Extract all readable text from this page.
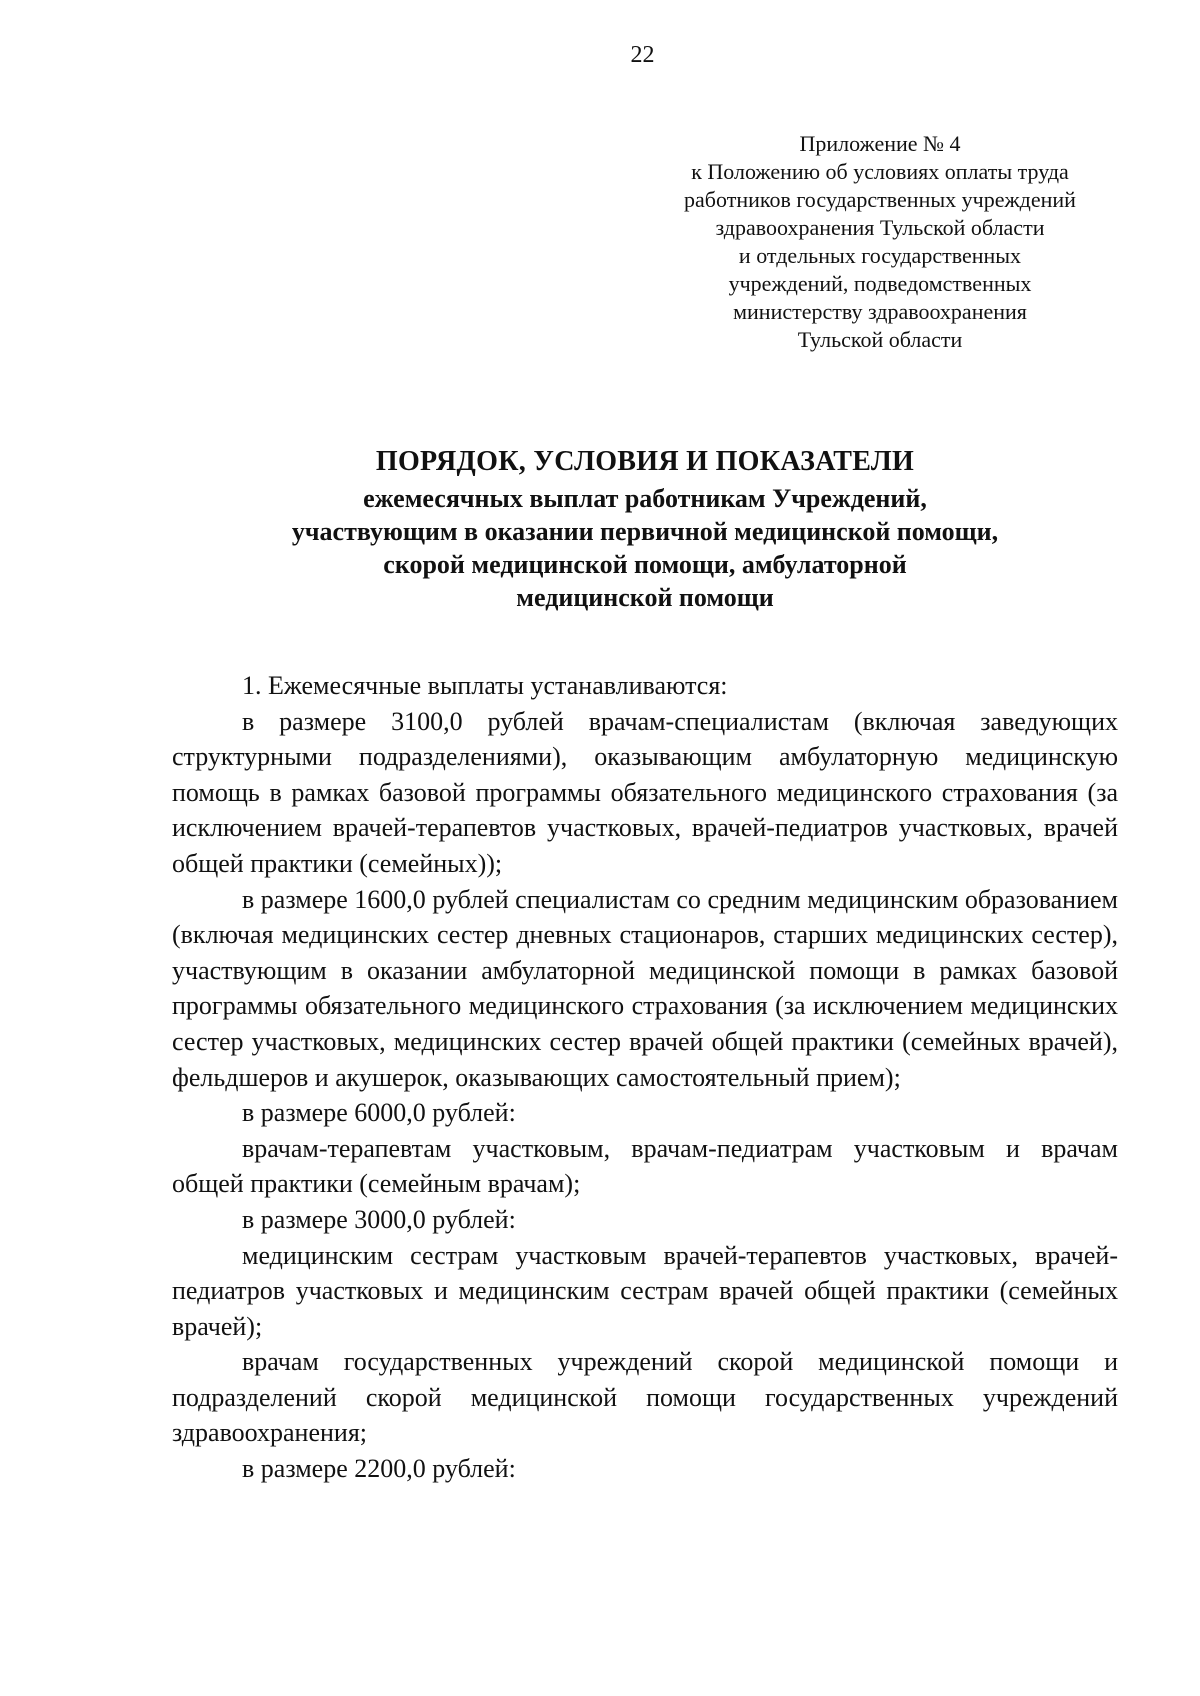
22
Приложение № 4
к Положению об условиях оплаты труда
работников государственных учреждений
здравоохранения Тульской области
и отдельных государственных
учреждений, подведомственных
министерству здравоохранения
Тульской области
ПОРЯДОК, УСЛОВИЯ И ПОКАЗАТЕЛИ
ежемесячных выплат работникам Учреждений,
участвующим в оказании первичной медицинской помощи,
скорой медицинской помощи, амбулаторной
медицинской помощи

1. Ежемесячные выплаты устанавливаются:

в размере 3100,0 рублей врачам-специалистам (включая заведующих структурными подразделениями), оказывающим амбулаторную медицинскую помощь в рамках базовой программы обязательного медицинского страхования (за исключением врачей-терапевтов участковых, врачей-педиатров участковых, врачей общей практики (семейных));

в размере 1600,0 рублей специалистам со средним медицинским образованием (включая медицинских сестер дневных стационаров, старших медицинских сестер), участвующим в оказании амбулаторной медицинской помощи в рамках базовой программы обязательного медицинского страхования (за исключением медицинских сестер участковых, медицинских сестер врачей общей практики (семейных врачей), фельдшеров и акушерок, оказывающих самостоятельный прием);

в размере 6000,0 рублей:

врачам-терапевтам участковым, врачам-педиатрам участковым и врачам общей практики (семейным врачам);

в размере 3000,0 рублей:

медицинским сестрам участковым врачей-терапевтов участковых, врачей-педиатров участковых и медицинским сестрам врачей общей практики (семейных врачей);

врачам государственных учреждений скорой медицинской помощи и подразделений скорой медицинской помощи государственных учреждений здравоохранения;

в размере 2200,0 рублей:
